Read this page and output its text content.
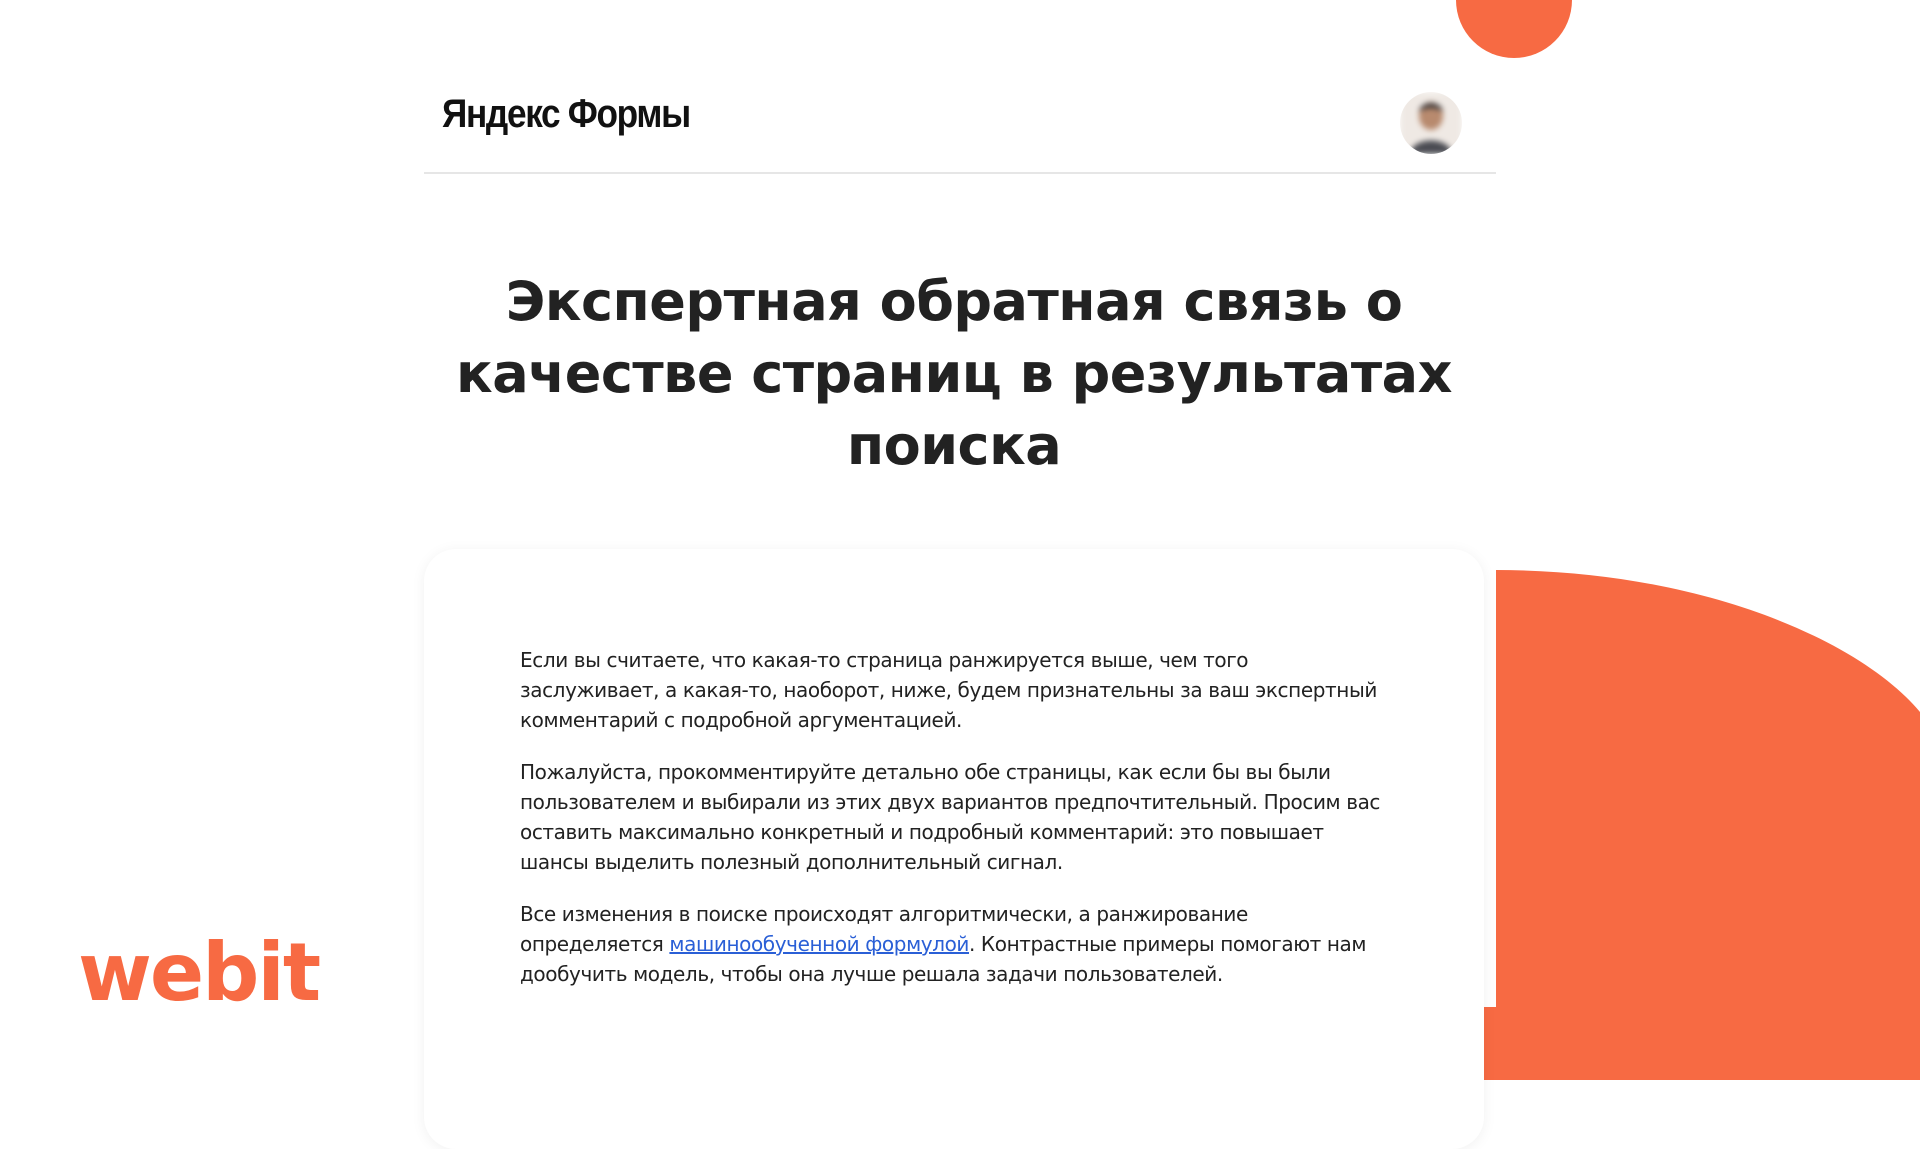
Яндекс Формы
Экспертная обратная связь о качестве страниц в результатах поиска

Если вы считаете, что какая-то страница ранжируется выше, чем того заслуживает, а какая-то, наоборот, ниже, будем признательны за ваш экспертный комментарий с подробной аргументацией.

Пожалуйста, прокомментируйте детально обе страницы, как если бы вы были пользователем и выбирали из этих двух вариантов предпочтительный. Просим вас оставить максимально конкретный и подробный комментарий: это повышает шансы выделить полезный дополнительный сигнал.

Все изменения в поиске происходят алгоритмически, а ранжирование определяется машинообученной формулой. Контрастные примеры помогают нам дообучить модель, чтобы она лучше решала задачи пользователей.

webit
